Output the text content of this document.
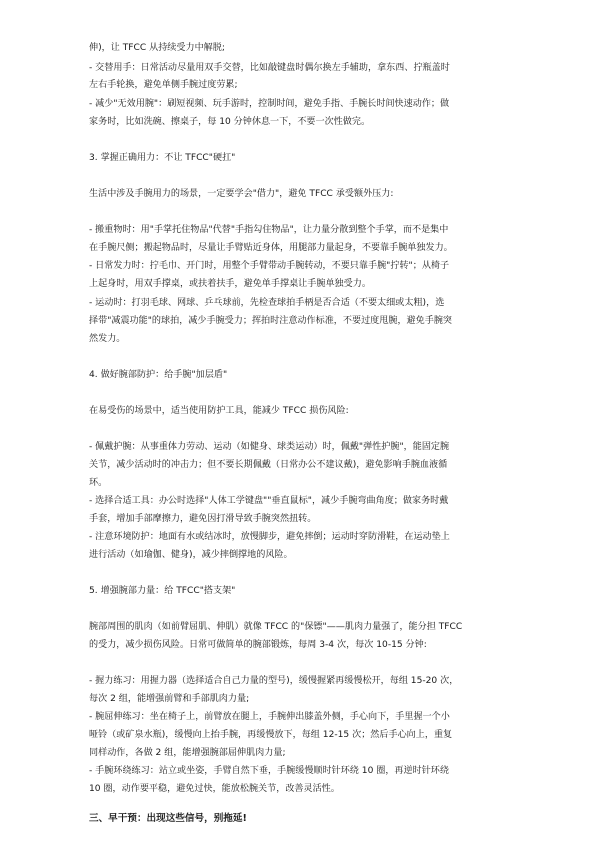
伸)，让 TFCC 从持续受力中解脱;

- 交替用手：日常活动尽量用双手交替，比如敲键盘时偶尔换左手辅助，拿东西、拧瓶盖时

左右手轮换，避免单侧手腕过度劳累;

- 减少"无效用腕"：刷短视频、玩手游时，控制时间，避免手指、手腕长时间快速动作；做

家务时，比如洗碗、擦桌子，每 10 分钟休息一下，不要一次性做完。

3. 掌握正确用力：不让 TFCC"硬扛"

生活中涉及手腕用力的场景，一定要学会"借力"，避免 TFCC 承受额外压力:

- 搬重物时：用"手掌托住物品"代替"手指勾住物品"，让力量分散到整个手掌，而不是集中

在手腕尺侧；搬起物品时，尽量让手臂贴近身体，用腿部力量起身，不要靠手腕单独发力。

- 日常发力时：拧毛巾、开门时，用整个手臂带动手腕转动，不要只靠手腕"拧转"；从椅子

上起身时，用双手撑桌，或扶着扶手，避免单手撑桌让手腕单独受力。

- 运动时：打羽毛球、网球、乒乓球前，先检查球拍手柄是否合适（不要太细或太粗)，选

择带"减震功能"的球拍，减少手腕受力；挥拍时注意动作标准，不要过度甩腕，避免手腕突

然发力。

4. 做好腕部防护：给手腕"加层盾"

在易受伤的场景中，适当使用防护工具，能减少 TFCC 损伤风险:

- 佩戴护腕：从事重体力劳动、运动（如健身、球类运动）时，佩戴"弹性护腕"，能固定腕

关节，减少活动时的冲击力；但不要长期佩戴（日常办公不建议戴)，避免影响手腕血液循

环。

- 选择合适工具：办公时选择"人体工学键盘""垂直鼠标"，减少手腕弯曲角度；做家务时戴

手套，增加手部摩擦力，避免因打滑导致手腕突然扭转。

- 注意环境防护：地面有水或结冰时，放慢脚步，避免摔倒；运动时穿防滑鞋，在运动垫上

进行活动（如瑜伽、健身)，减少摔倒撑地的风险。

5. 增强腕部力量：给 TFCC"搭支架"

腕部周围的肌肉（如前臂屈肌、伸肌）就像 TFCC 的"保镖"——肌肉力量强了，能分担 TFCC

的受力，减少损伤风险。日常可做简单的腕部锻炼，每周 3-4 次，每次 10-15 分钟:

- 握力练习：用握力器（选择适合自己力量的型号)，缓慢握紧再缓慢松开，每组 15-20 次，

每次 2 组，能增强前臂和手部肌肉力量;

- 腕屈伸练习：坐在椅子上，前臂放在腿上，手腕伸出膝盖外侧，手心向下，手里握一个小

哑铃（或矿泉水瓶)，缓慢向上抬手腕，再缓慢放下，每组 12-15 次；然后手心向上，重复

同样动作，各做 2 组，能增强腕部屈伸肌肉力量;

- 手腕环绕练习：站立或坐姿，手臂自然下垂，手腕缓慢顺时针环绕 10 圈，再逆时针环绕

10 圈，动作要平稳，避免过快，能放松腕关节，改善灵活性。

三、早干预：出现这些信号，别拖延!
